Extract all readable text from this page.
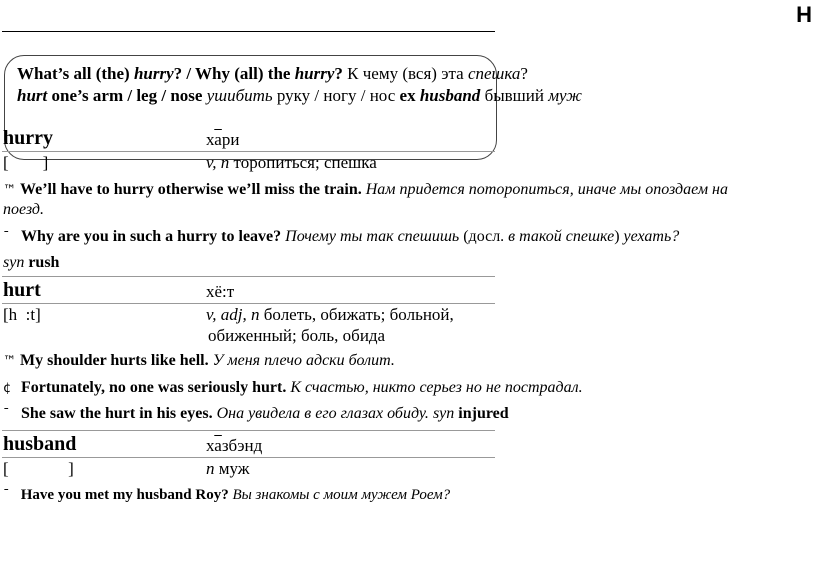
H
What’s all (the) hurry? / Why (all) the hurry? К чему (вся) эта спешка?
hurt one’s arm / leg / nose ушибить руку / ногу / нос ex husband бывший муж
hurry	хари
[        ]	v, n торопиться; спешка
™ We’ll have to hurry otherwise we’ll miss the train. Нам придется поторопиться, иначе мы опоздаем на
поезд.
ˉ Why are you in such a hurry to leave? Почему ты так спешишь (досл. в такой спешке) уехать?
syn rush
hurt	хё:т
[h  :t]	v, adj, n болеть, обижать; больной,
обиженный; боль, обида
™ My shoulder hurts like hell. У меня плечо адски болит.
¢ Fortunately, no one was seriously hurt. К счастью, никто серьез но не пострадал.
ˉ She saw the hurt in his eyes. Она увидела в его глазах обиду. syn injured
husband	хазбэнд
[              ]	n муж
ˉ Have you met my husband Roy? Вы знакомы с моим мужем Роем?
